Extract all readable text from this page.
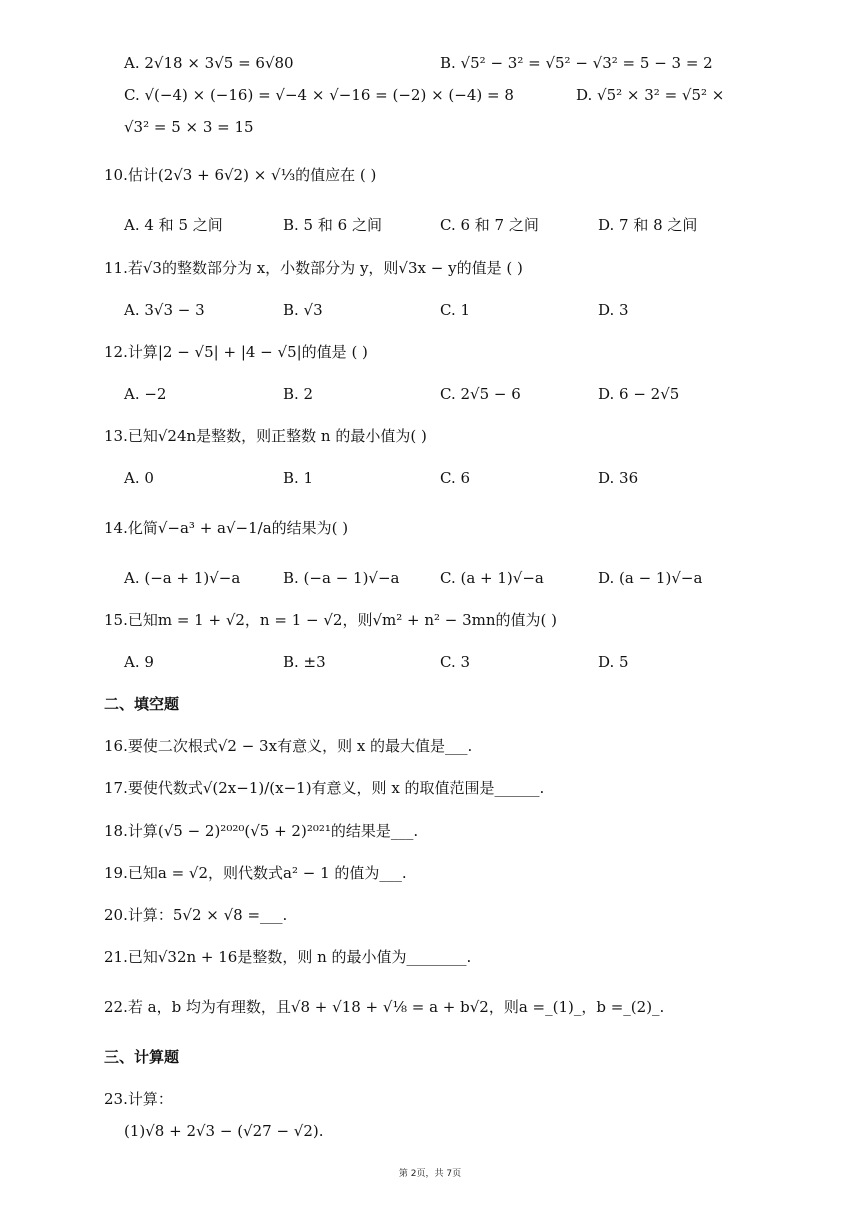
A. 2√18 × 3√5 = 6√80	B. √5² − 3² = √5² − √3² = 5 − 3 = 2
C. √(−4) × (−16) = √−4 × √−16 = (−2) × (−4) = 8	D. √5² × 3² = √5² ×
√3² = 5 × 3 = 15
10.估计(2√3 + 6√2) × √⅓的值应在 ( )
A. 4 和 5 之间	B. 5 和 6 之间	C. 6 和 7 之间	D. 7 和 8 之间
11.若√3的整数部分为 x，小数部分为 y，则√3x − y的值是 ( )
A. 3√3 − 3	B. √3	C. 1	D. 3
12.计算|2 − √5| + |4 − √5|的值是 ( )
A. −2	B. 2	C. 2√5 − 6	D. 6 − 2√5
13.已知√24n是整数，则正整数 n 的最小值为( )
A. 0	B. 1	C. 6	D. 36
14.化简√−a³ + a√−1/a的结果为( )
A. (−a + 1)√−a	B. (−a − 1)√−a	C. (a + 1)√−a	D. (a − 1)√−a
15.已知m = 1 + √2，n = 1 − √2，则√m² + n² − 3mn的值为( )
A. 9	B. ±3	C. 3	D. 5
二、填空题
16.要使二次根式√2 − 3x有意义，则 x 的最大值是___.
17.要使代数式√(2x−1)/(x−1)有意义，则 x 的取值范围是______.
18.计算(√5 − 2)²⁰²⁰(√5 + 2)²⁰²¹的结果是___.
19.已知a = √2，则代数式a² − 1 的值为___.
20.计算：5√2 × √8 =___.
21.已知√32n + 16是整数，则 n 的最小值为________.
22.若 a，b 均为有理数，且√8 + √18 + √⅛ = a + b√2，则a =_(1)_，b =_(2)_.
三、计算题
23.计算：
(1)√8 + 2√3 − (√27 − √2).
第 2页，共 7页
